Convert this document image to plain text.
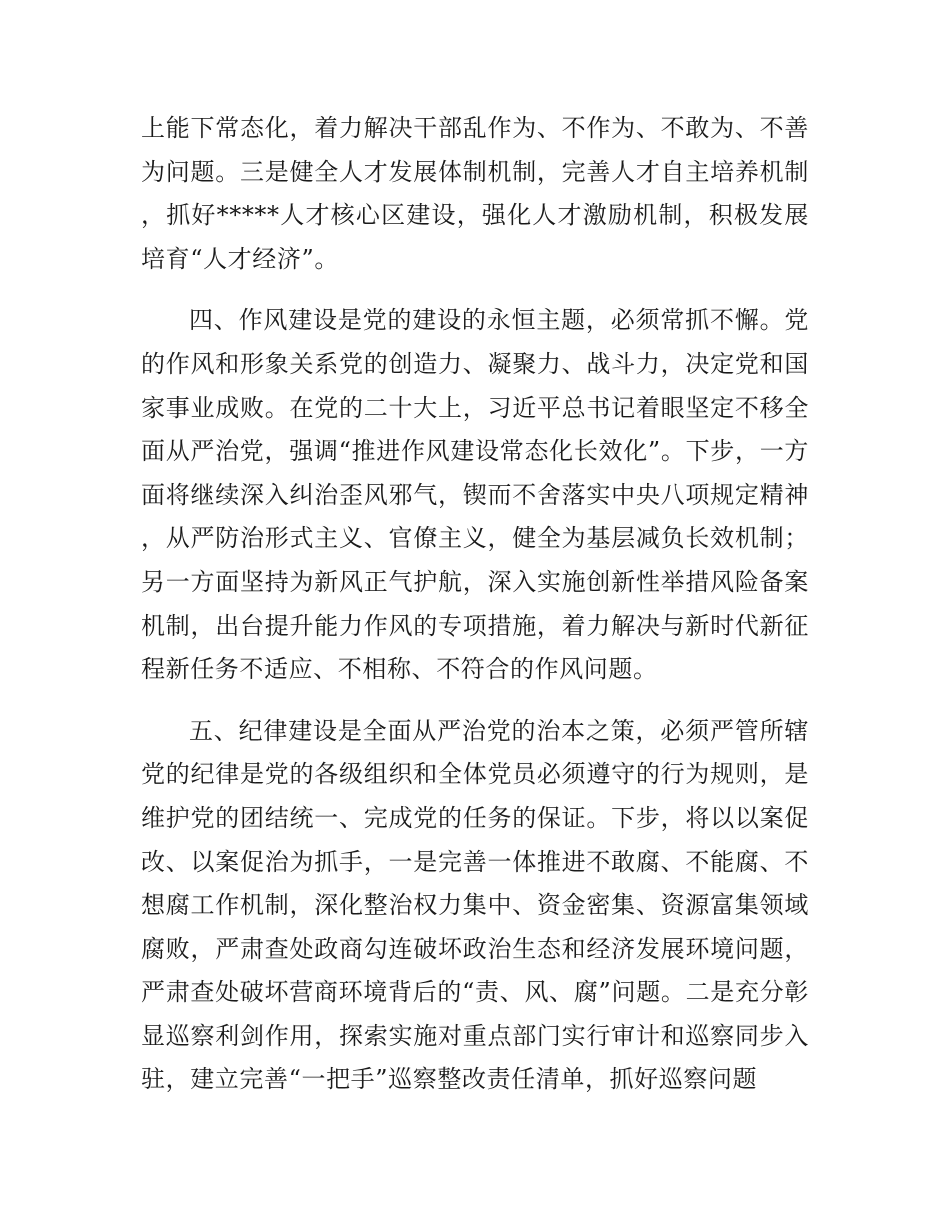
上能下常态化，着力解决干部乱作为、不作为、不敢为、不善为问题。三是健全人才发展体制机制，完善人才自主培养机制，抓好*****人才核心区建设，强化人才激励机制，积极发展培育“人才经济”。

四、作风建设是党的建设的永恒主题，必须常抓不懈。党的作风和形象关系党的创造力、凝聚力、战斗力，决定党和国家事业成败。在党的二十大上，习近平总书记着眼坚定不移全面从严治党，强调“推进作风建设常态化长效化”。下步，一方面将继续深入纠治歪风邪气，锲而不舍落实中央八项规定精神，从严防治形式主义、官僚主义，健全为基层减负长效机制；另一方面坚持为新风正气护航，深入实施创新性举措风险备案机制，出台提升能力作风的专项措施，着力解决与新时代新征程新任务不适应、不相称、不符合的作风问题。

五、纪律建设是全面从严治党的治本之策，必须严管所辖党的纪律是党的各级组织和全体党员必须遵守的行为规则，是维护党的团结统一、完成党的任务的保证。下步，将以以案促改、以案促治为抓手，一是完善一体推进不敢腐、不能腐、不想腐工作机制，深化整治权力集中、资金密集、资源富集领域腐败，严肃查处政商勾连破坏政治生态和经济发展环境问题，严肃查处破坏营商环境背后的“责、风、腐”问题。二是充分彰显巡察利剑作用，探索实施对重点部门实行审计和巡察同步入驻，建立完善“一把手”巡察整改责任清单，抓好巡察问题
